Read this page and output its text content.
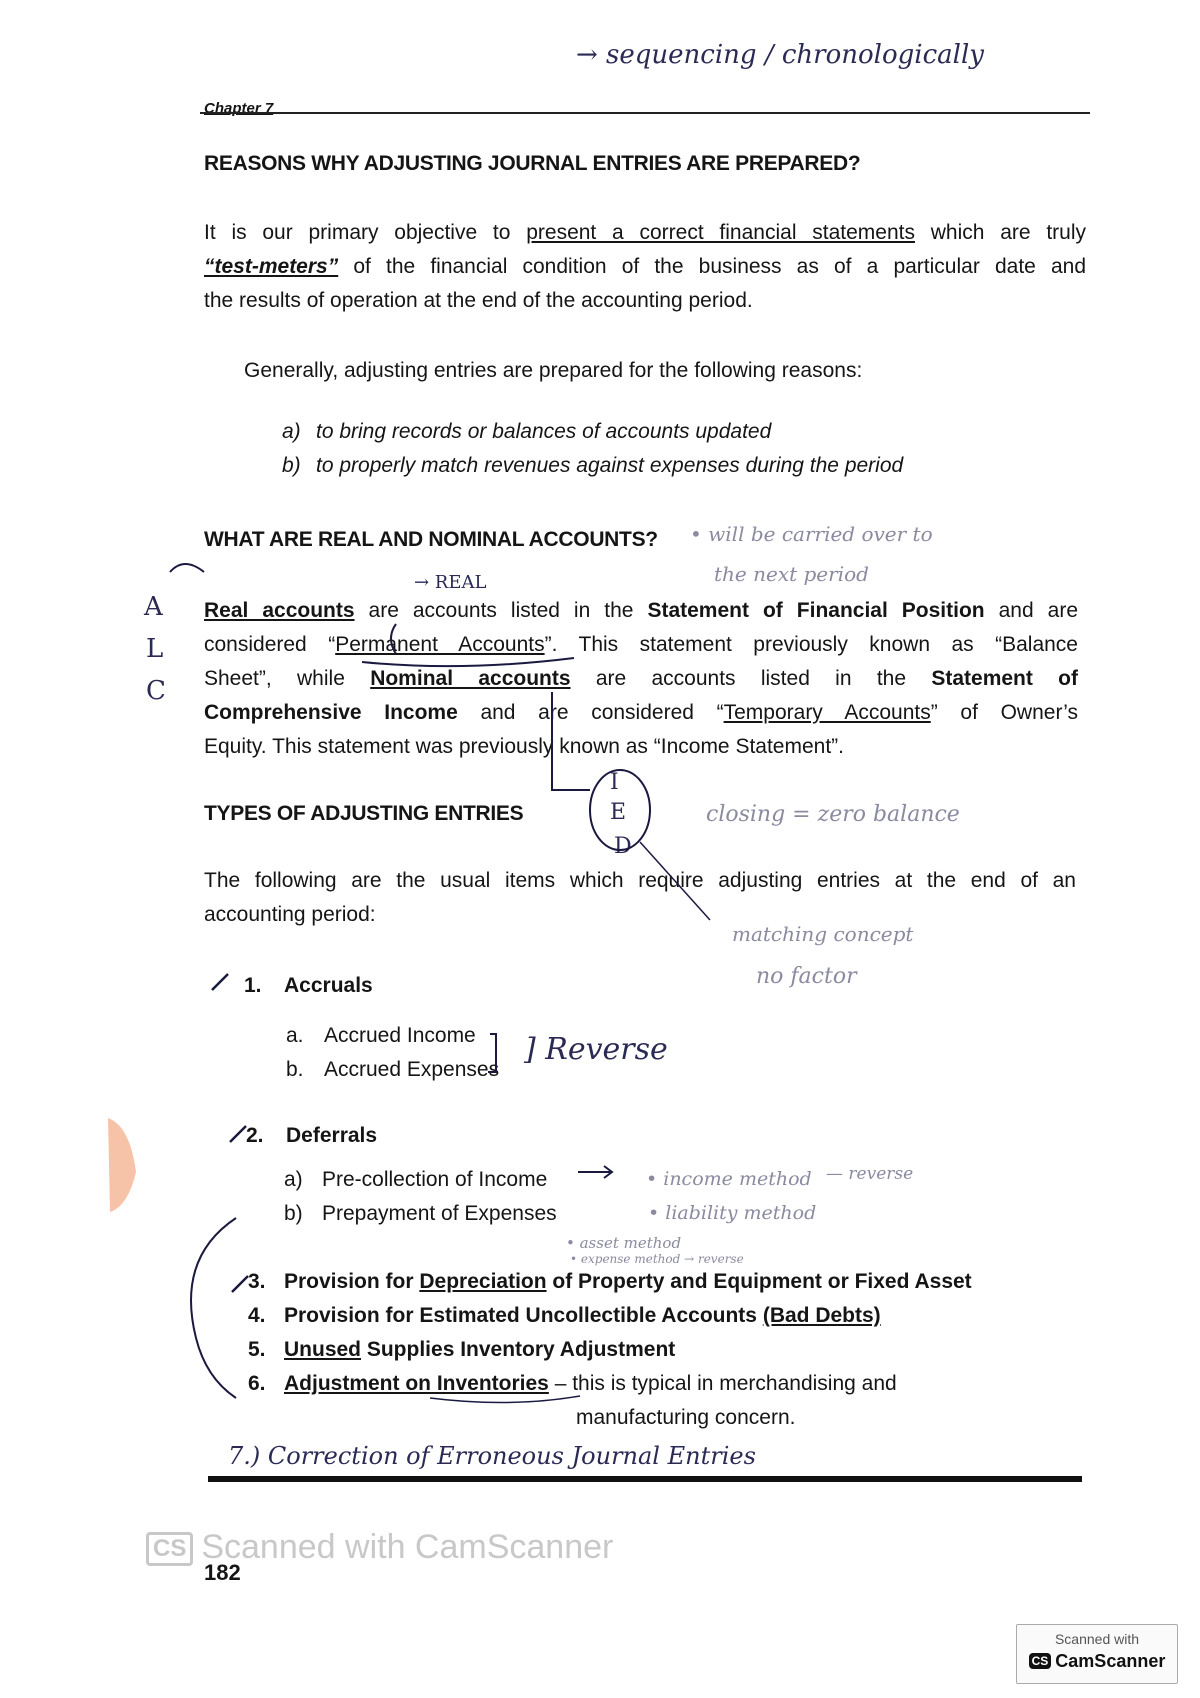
→ sequencing / chronologically
Chapter 7
REASONS WHY ADJUSTING JOURNAL ENTRIES ARE PREPARED?
It is our primary objective to present a correct financial statements which are truly
“test-meters” of the financial condition of the business as of a particular date and
the results of operation at the end of the accounting period.
Generally, adjusting entries are prepared for the following reasons:
a) to bring records or balances of accounts updated
b) to properly match revenues against expenses during the period
WHAT ARE REAL AND NOMINAL ACCOUNTS? • will be carried over to
the next period
→ REAL
A
L
C
Real accounts are accounts listed in the Statement of Financial Position and are
considered “Permanent Accounts”. This statement previously known as “Balance
Sheet”, while Nominal accounts are accounts listed in the Statement of
Comprehensive Income and are considered “Temporary Accounts” of Owner’s
Equity. This statement was previously known as “Income Statement”.
TYPES OF ADJUSTING ENTRIES
I
E
D
closing = zero balance
The following are the usual items which require adjusting entries at the end of an
accounting period:
matching concept
no factor
1. Accruals
a. Accrued Income
b. Accrued Expenses
] Reverse
2. Deferrals
a) Pre-collection of Income
b) Prepayment of Expenses
• income method — reverse
• liability method
• asset method
• expense method → reverse
3. Provision for Depreciation of Property and Equipment or Fixed Asset
4. Provision for Estimated Uncollectible Accounts (Bad Debts)
5. Unused Supplies Inventory Adjustment
6. Adjustment on Inventories – this is typical in merchandising and
manufacturing concern.
7.) Correction of Erroneous Journal Entries
CS Scanned with CamScanner
182
Scanned with
CS CamScanner
